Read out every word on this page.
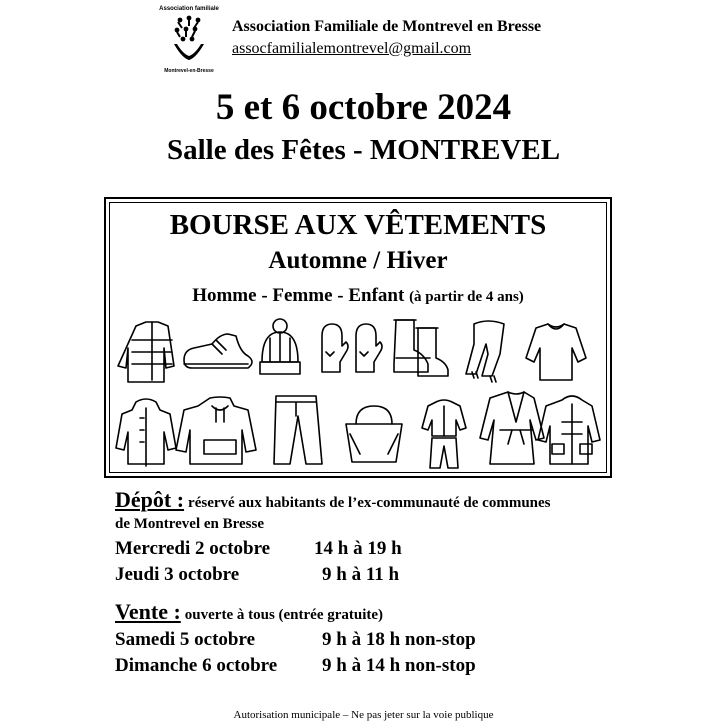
Association familiale
Montrevel-en-Bresse
Association Familiale de Montrevel en Bresse
assocfamilialemontrevel@gmail.com
5 et 6 octobre 2024
Salle des Fêtes - MONTREVEL
BOURSE AUX VÊTEMENTS
Automne / Hiver
Homme - Femme - Enfant (à partir de 4 ans)
Dépôt : réservé aux habitants de l’ex-communauté de communes
de Montrevel en Bresse
Mercredi 2 octobre 14 h à 19 h
Jeudi 3 octobre	9 h à 11 h
Vente : ouverte à tous (entrée gratuite)
Samedi 5 octobre	9 h à 18 h non-stop
Dimanche 6 octobre 9 h à 14 h non-stop
Autorisation municipale – Ne pas jeter sur la voie publique
